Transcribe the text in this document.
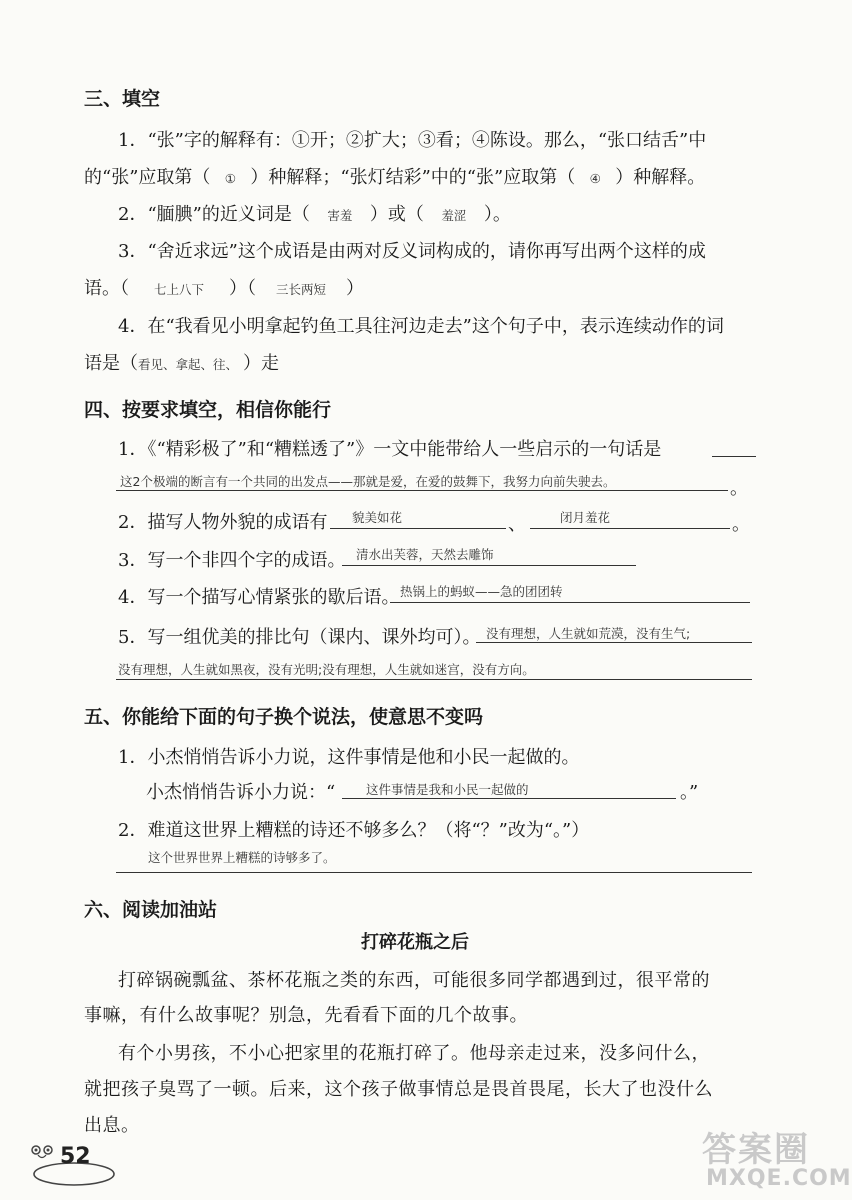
三、填空
1．“张”字的解释有：①开；②扩大；③看；④陈设。那么，“张口结舌”中
的“张”应取第（ ① ）种解释；“张灯结彩”中的“张”应取第（ ④ ）种解释。
2．“腼腆”的近义词是（ 害羞 ）或（ 羞涩 ）。
3．“舍近求远”这个成语是由两对反义词构成的，请你再写出两个这样的成
语。（ 七上八下 ）（ 三长两短 ）
4．在“我看见小明拿起钓鱼工具往河边走去”这个句子中，表示连续动作的词
语是（看见、拿起、往、 ）走
四、按要求填空，相信你能行
1．《“精彩极了”和“糟糕透了”》一文中能带给人一些启示的一句话是
这2个极端的断言有一个共同的出发点——那就是爱，在爱的鼓舞下，我努力向前失驶去。	。
2．描写人物外貌的成语有 貌美如花	、	闭月羞花	。
3．写一个非四个字的成语。 清水出芙蓉，天然去雕饰
4．写一个描写心情紧张的歇后语。 热锅上的蚂蚁——急的团团转
5．写一组优美的排比句（课内、课外均可）。 没有理想，人生就如荒漠，没有生气;
没有理想，人生就如黑夜，没有光明;没有理想，人生就如迷宫，没有方向。
五、你能给下面的句子换个说法，使意思不变吗
1．小杰悄悄告诉小力说，这件事情是他和小民一起做的。
小杰悄悄告诉小力说：“ 这件事情是我和小民一起做的	。”
2．难道这世界上糟糕的诗还不够多么？（将“？”改为“。”）
这个世界世界上糟糕的诗够多了。
六、阅读加油站
打碎花瓶之后
打碎锅碗瓢盆、茶杯花瓶之类的东西，可能很多同学都遇到过，很平常的
事嘛，有什么故事呢？别急，先看看下面的几个故事。
有个小男孩，不小心把家里的花瓶打碎了。他母亲走过来，没多问什么，
就把孩子臭骂了一顿。后来，这个孩子做事情总是畏首畏尾，长大了也没什么
出息。
52	答案圈
MXQE.COM
